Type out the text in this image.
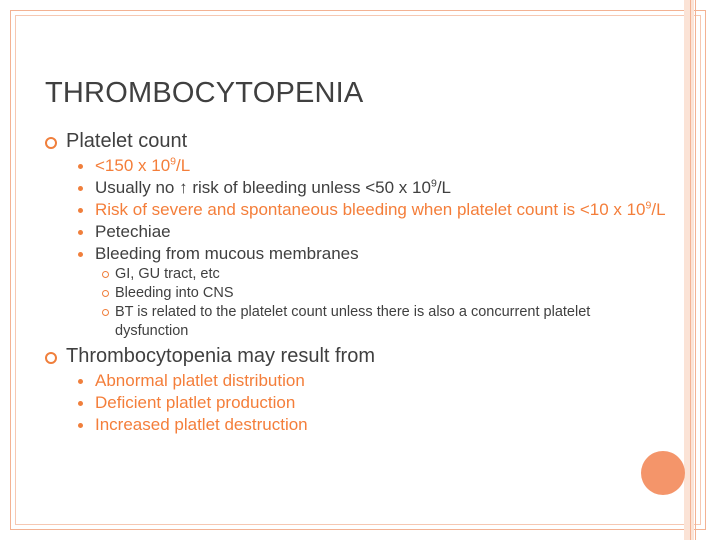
THROMBOCYTOPENIA
Platelet count
<150 x $10^9/L$
Usually no ↑ risk of bleeding unless <50 x $10^9/L$
Risk of severe and spontaneous bleeding when platelet count is <10 x $10^9/L$
Petechiae
Bleeding from mucous membranes
GI, GU tract, etc
Bleeding into CNS
BT is related to the platelet count unless there is also a concurrent platelet dysfunction
Thrombocytopenia may result from
Abnormal platlet distribution
Deficient platlet production
Increased platlet destruction
